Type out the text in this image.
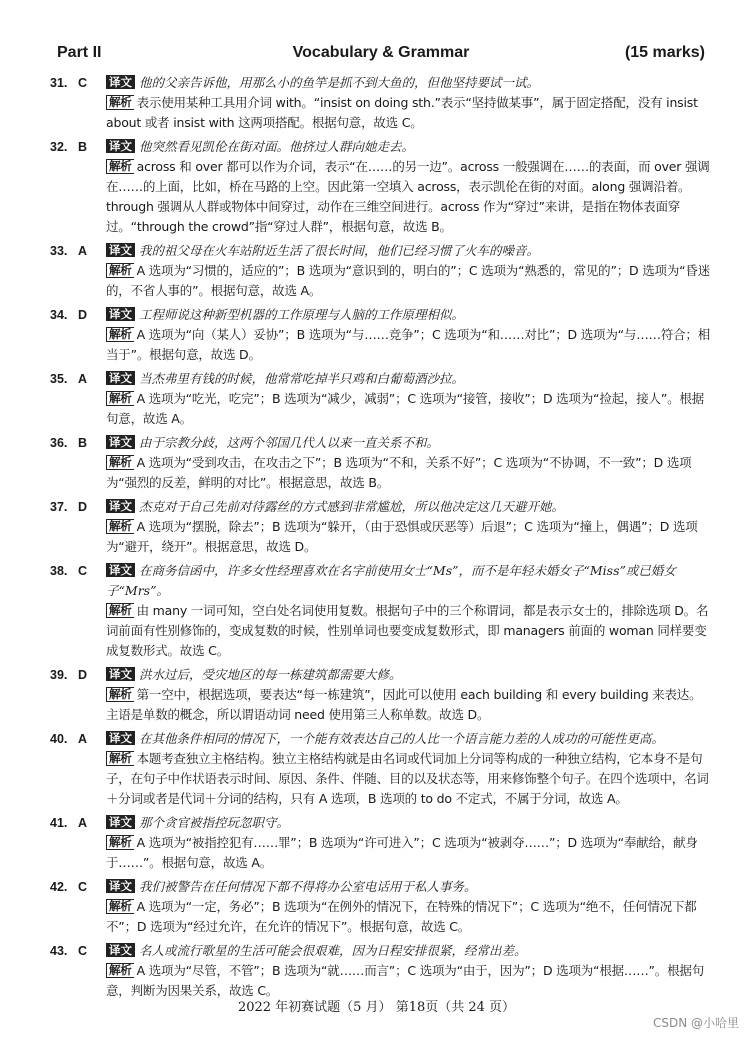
Part II	Vocabulary & Grammar	(15 marks)
31. C	译文 他的父亲告诉他，用那么小的鱼竿是抓不到大鱼的，但他坚持要试一试。
解析 表示使用某种工具用介词 with。“insist on doing sth.”表示“坚持做某事”，属于固定搭配，没有 insist about 或者 insist with 这两项搭配。根据句意，故选 C。
32. B	译文 他突然看见凯伦在街对面。他挤过人群向她走去。
解析 across 和 over 都可以作为介词，表示“在……的另一边”。across 一般强调在……的表面，而 over 强调在……的上面，比如，桥在马路的上空。因此第一空填入 across，表示凯伦在街的对面。along 强调沿着。through 强调从人群或物体中间穿过，动作在三维空间进行。across 作为“穿过”来讲，是指在物体表面穿过。“through the crowd”指“穿过人群”，根据句意，故选 B。
33. A	译文 我的祖父母在火车站附近生活了很长时间，他们已经习惯了火车的噪音。
解析 A 选项为“习惯的，适应的”；B 选项为“意识到的，明白的”；C 选项为“熟悉的，常见的”；D 选项为“昏迷的，不省人事的”。根据句意，故选 A。
34. D	译文 工程师说这种新型机器的工作原理与人脑的工作原理相似。
解析 A 选项为“向（某人）妥协”；B 选项为“与……竞争”；C 选项为“和……对比”；D 选项为“与……符合；相当于”。根据句意，故选 D。
35. A	译文 当杰弗里有钱的时候，他常常吃掉半只鸡和白葡萄酒沙拉。
解析 A 选项为“吃光，吃完”；B 选项为“减少，减弱”；C 选项为“接管，接收”；D 选项为“捡起，接人”。根据句意，故选 A。
36. B	译文 由于宗教分歧，这两个邻国几代人以来一直关系不和。
解析 A 选项为“受到攻击，在攻击之下”；B 选项为“不和，关系不好”；C 选项为“不协调，不一致”；D 选项为“强烈的反差，鲜明的对比”。根据意思，故选 B。
37. D	译文 杰克对于自己先前对待露丝的方式感到非常尴尬，所以他决定这几天避开她。
解析 A 选项为“摆脱，除去”；B 选项为“躲开，（由于恐惧或厌恶等）后退”；C 选项为“撞上，偶遇”；D 选项为“避开，绕开”。根据意思，故选 D。
38. C	译文 在商务信函中，许多女性经理喜欢在名字前使用女士“Ms”，而不是年轻未婚女子“Miss”或已婚女子“Mrs”。
解析 由 many 一词可知，空白处名词使用复数。根据句子中的三个称谓词，都是表示女士的，排除选项 D。名词前面有性别修饰的，变成复数的时候，性别单词也要变成复数形式，即 managers 前面的 woman 同样要变成复数形式。故选 C。
39. D	译文 洪水过后，受灾地区的每一栋建筑都需要大修。
解析 第一空中，根据选项，要表达“每一栋建筑”，因此可以使用 each building 和 every building 来表达。主语是单数的概念，所以谓语动词 need 使用第三人称单数。故选 D。
40. A	译文 在其他条件相同的情况下，一个能有效表达自己的人比一个语言能力差的人成功的可能性更高。
解析 本题考查独立主格结构。独立主格结构就是由名词或代词加上分词等构成的一种独立结构，它本身不是句子，在句子中作状语表示时间、原因、条件、伴随、目的以及状态等，用来修饰整个句子。在四个选项中，名词＋分词或者是代词＋分词的结构，只有 A 选项，B 选项的 to do 不定式，不属于分词，故选 A。
41. A	译文 那个贪官被指控玩忽职守。
解析 A 选项为“被指控犯有……罪”；B 选项为“许可进入”；C 选项为“被剥夺……”；D 选项为“奉献给，献身于……”。根据句意，故选 A。
42. C	译文 我们被警告在任何情况下都不得将办公室电话用于私人事务。
解析 A 选项为“一定，务必”；B 选项为“在例外的情况下，在特殊的情况下”；C 选项为“绝不，任何情况下都不”；D 选项为“经过允许，在允许的情况下”。根据句意，故选 C。
43. C	译文 名人或流行歌星的生活可能会很艰难，因为日程安排很紧，经常出差。
解析 A 选项为“尽管，不管”；B 选项为“就……而言”；C 选项为“由于，因为”；D 选项为“根据……”。根据句意，判断为因果关系，故选 C。
2022 年初赛试题（5 月） 第18页（共 24 页）
CSDN @小哈里
